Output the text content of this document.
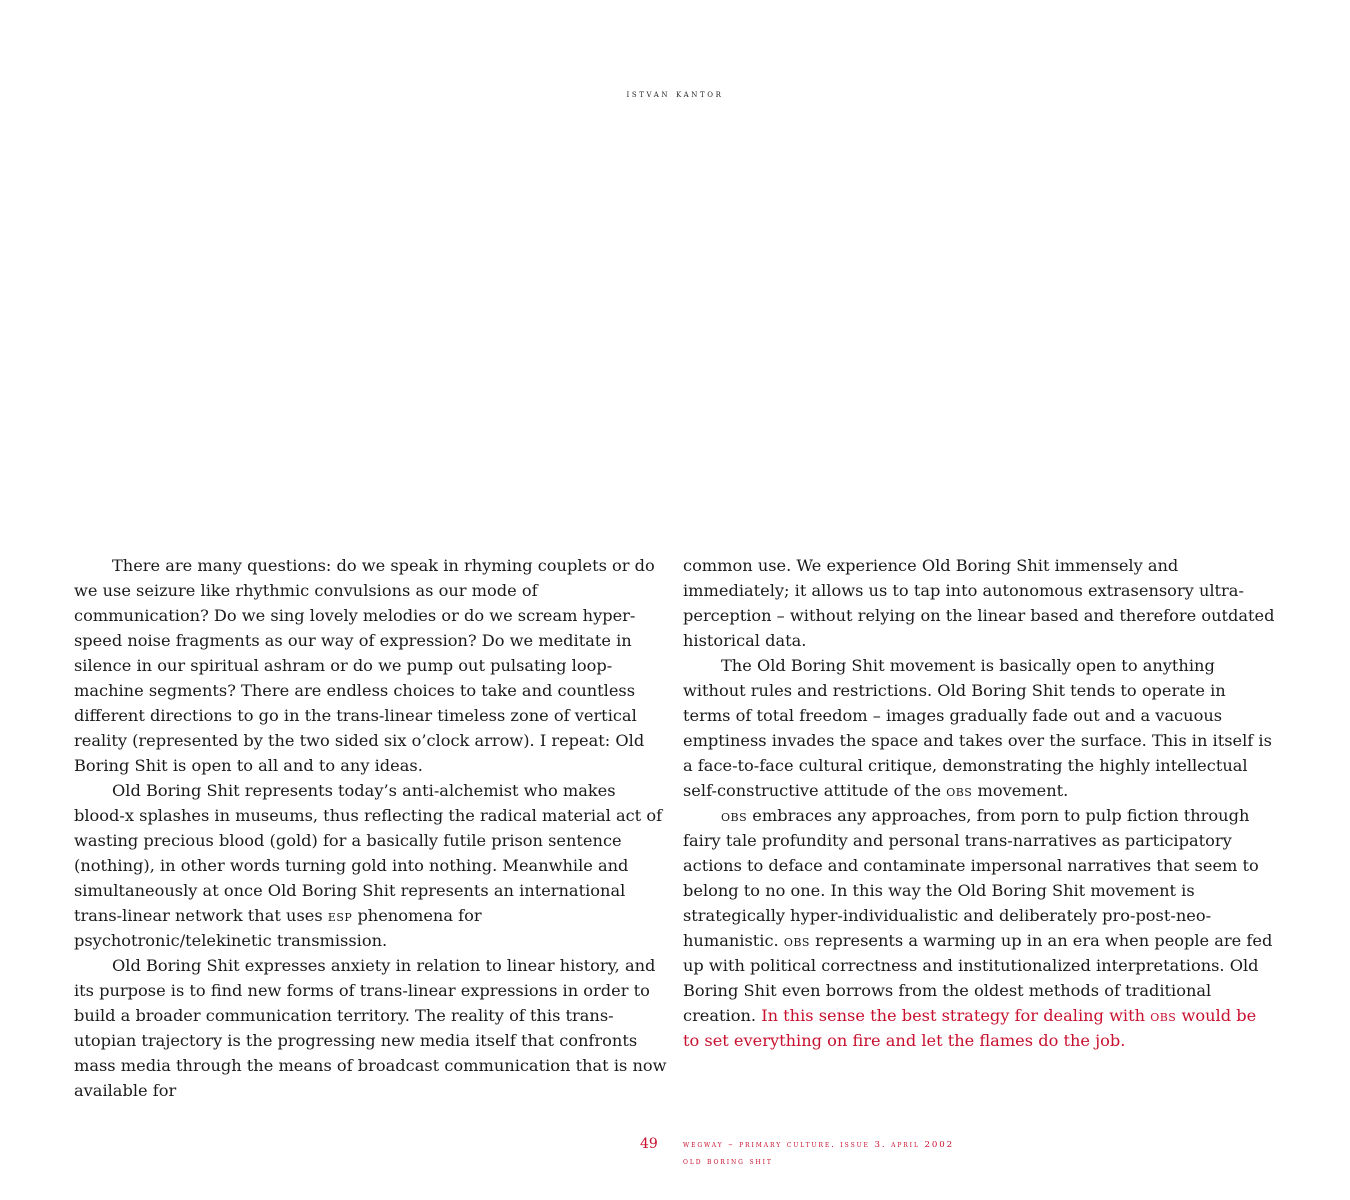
istvan kantor

There are many questions: do we speak in rhyming couplets or do we use seizure like rhythmic convulsions as our mode of communication? Do we sing lovely melodies or do we scream hyper-speed noise fragments as our way of expression? Do we meditate in silence in our spiritual ashram or do we pump out pulsating loop-machine segments? There are endless choices to take and countless different directions to go in the trans-linear timeless zone of vertical reality (represented by the two sided six o’clock arrow). I repeat: Old Boring Shit is open to all and to any ideas.

Old Boring Shit represents today’s anti-alchemist who makes blood-x splashes in museums, thus reflecting the radical material act of wasting precious blood (gold) for a basically futile prison sentence (nothing), in other words turning gold into nothing. Meanwhile and simultaneously at once Old Boring Shit represents an international trans-linear network that uses esp phenomena for psychotronic/telekinetic transmission.

Old Boring Shit expresses anxiety in relation to linear history, and its purpose is to find new forms of trans-linear expressions in order to build a broader communication territory. The reality of this trans-utopian trajectory is the progressing new media itself that confronts mass media through the means of broadcast communication that is now available for

common use. We experience Old Boring Shit immensely and immediately; it allows us to tap into autonomous extrasensory ultra-perception – without relying on the linear based and therefore outdated historical data.

The Old Boring Shit movement is basically open to anything without rules and restrictions. Old Boring Shit tends to operate in terms of total freedom – images gradually fade out and a vacuous emptiness invades the space and takes over the surface. This in itself is a face-to-face cultural critique, demonstrating the highly intellectual self-constructive attitude of the obs movement.

obs embraces any approaches, from porn to pulp fiction through fairy tale profundity and personal trans-narratives as participatory actions to deface and contaminate impersonal narratives that seem to belong to no one. In this way the Old Boring Shit movement is strategically hyper-individualistic and deliberately pro-post-neo-humanistic. obs represents a warming up in an era when people are fed up with political correctness and institutionalized interpretations. Old Boring Shit even borrows from the oldest methods of traditional creation. In this sense the best strategy for dealing with obs would be to set everything on fire and let the flames do the job.

49	wegway – primary culture. issue 3. april 2002
old boring shit
